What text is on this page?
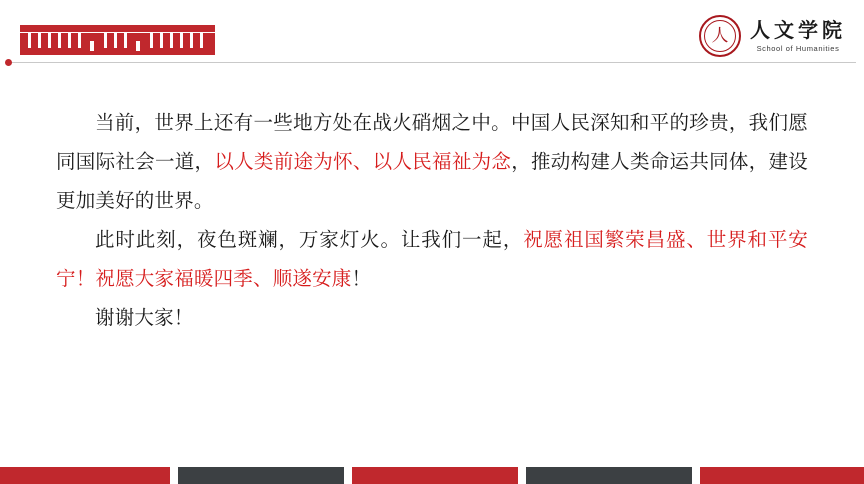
人 人文学院
School of Humanities

当前，世界上还有一些地方处在战火硝烟之中。中国人民深知和平的珍贵，我们愿同国际社会一道，以人类前途为怀、以人民福祉为念，推动构建人类命运共同体，建设更加美好的世界。

此时此刻，夜色斑斓，万家灯火。让我们一起，祝愿祖国繁荣昌盛、世界和平安宁！祝愿大家福暖四季、顺遂安康！

谢谢大家！
